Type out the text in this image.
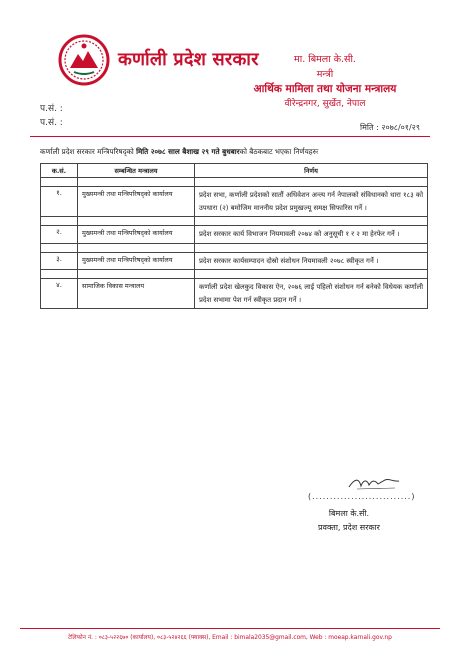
कर्णाली प्रदेश सरकार	मा. बिमला के.सी.
मन्त्री
आर्थिक मामिला तथा योजना मन्त्रालय
वीरेन्द्रनगर, सुर्खेत, नेपाल
प.सं. :
प.सं. :	मिति : २०७८/०१/२९
कर्णाली प्रदेश सरकार मन्त्रिपरिषद्को मिति २०७८ साल बैशाख २९ गते बुधबारको बैठकबाट भएका निर्णयहरुः
क.सं.	सम्बन्धित मन्त्रालय	निर्णय

१.	मुख्यमन्त्री तथा मन्त्रिपरिषद्को कार्यालय	प्रदेश सभा, कर्णाली प्रदेशको सातौं अधिवेशन अन्त्य गर्न नेपालको संविधानको धारा १८३ को उपधारा (२) बमोजिम माननीय प्रदेश प्रमुखज्यू समक्ष सिफारिस गर्ने ।

२.	मुख्यमन्त्री तथा मन्त्रिपरिषद्को कार्यालय	प्रदेश सरकार कार्य विभाजन नियमावली २०७४ को अनुसूची १ र २ मा हेरफेर गर्ने ।

३.	मुख्यमन्त्री तथा मन्त्रिपरिषद्को कार्यालय	प्रदेश सरकार कार्यसम्पादन दोस्रो संशोधन नियमावली २०७८ स्वीकृत गर्ने ।

४.	सामाजिक विकास मन्त्रालय	कर्णाली प्रदेश खेलकुद विकास ऐन, २०७६ लाई पहिलो संशोधन गर्न बनेको विधेयक कर्णाली प्रदेश सभामा पेश गर्न स्वीकृत प्रदान गर्ने ।
(............................)
बिमला के.सी.
प्रवक्ता, प्रदेश सरकार
टेलिफोन नं. : ०८३-५२२६७० (कार्यालय), ०८३-५२४२६६ (फ्याक्स), Email : bimala2035@gmail.com, Web : moeap.karnali.gov.np
